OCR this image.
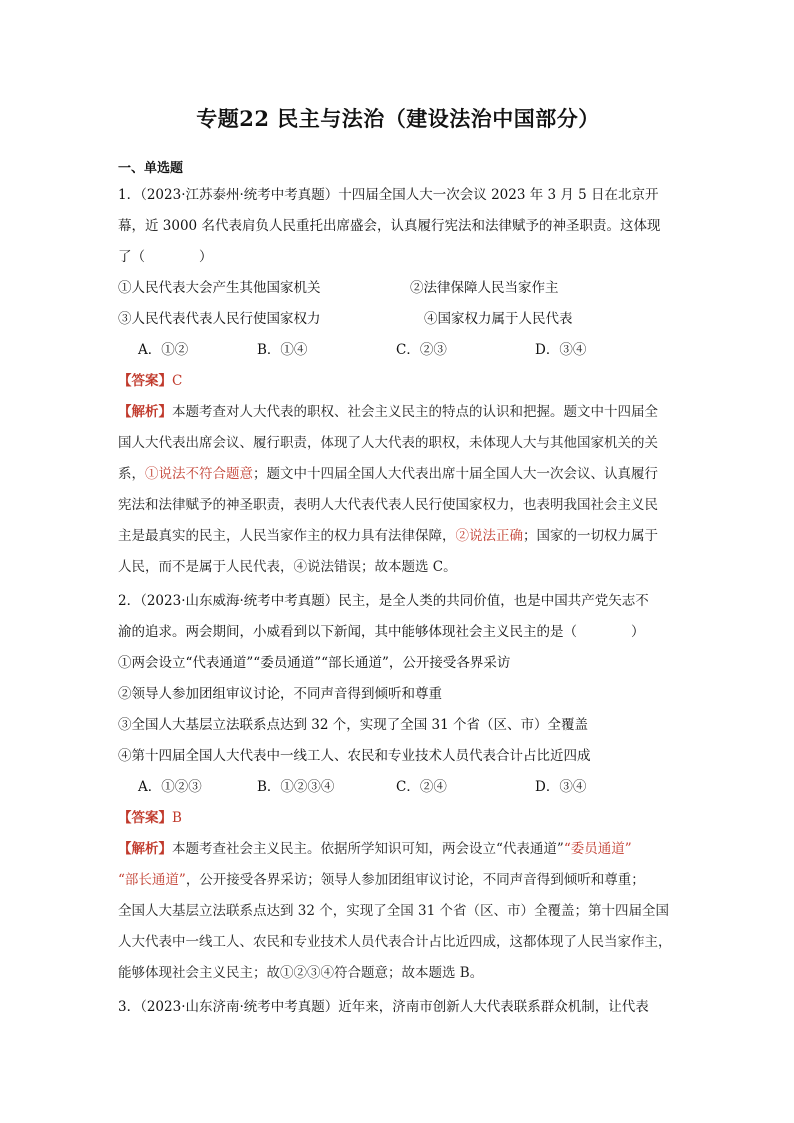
专题22 民主与法治（建设法治中国部分）
一、单选题
1．（2023·江苏泰州·统考中考真题）十四届全国人大一次会议 2023 年 3 月 5 日在北京开
幕，近 3000 名代表肩负人民重托出席盛会，认真履行宪法和法律赋予的神圣职责。这体现
了（　　　　）
①人民代表大会产生其他国家机关	②法律保障人民当家作主
③人民代表代表人民行使国家权力	④国家权力属于人民代表
A．①②	B．①④	C．②③	D．③④
【答案】C
【解析】本题考查对人大代表的职权、社会主义民主的特点的认识和把握。题文中十四届全
国人大代表出席会议、履行职责，体现了人大代表的职权，未体现人大与其他国家机关的关
系，①说法不符合题意；题文中十四届全国人大代表出席十届全国人大一次会议、认真履行
宪法和法律赋予的神圣职责，表明人大代表代表人民行使国家权力，也表明我国社会主义民
主是最真实的民主，人民当家作主的权力具有法律保障，②说法正确；国家的一切权力属于
人民，而不是属于人民代表，④说法错误；故本题选 C。
2．（2023·山东威海·统考中考真题）民主，是全人类的共同价值，也是中国共产党矢志不
渝的追求。两会期间，小威看到以下新闻，其中能够体现社会主义民主的是（　　　　）
①两会设立“代表通道”“委员通道”“部长通道”，公开接受各界采访
②领导人参加团组审议讨论，不同声音得到倾听和尊重
③全国人大基层立法联系点达到 32 个，实现了全国 31 个省（区、市）全覆盖
④第十四届全国人大代表中一线工人、农民和专业技术人员代表合计占比近四成
A．①②③	B．①②③④	C．②④	D．③④
【答案】B
【解析】本题考查社会主义民主。依据所学知识可知，两会设立“代表通道”“委员通道”
“部长通道”，公开接受各界采访；领导人参加团组审议讨论，不同声音得到倾听和尊重；
全国人大基层立法联系点达到 32 个，实现了全国 31 个省（区、市）全覆盖；第十四届全国
人大代表中一线工人、农民和专业技术人员代表合计占比近四成，这都体现了人民当家作主，
能够体现社会主义民主；故①②③④符合题意；故本题选 B。
3．（2023·山东济南·统考中考真题）近年来，济南市创新人大代表联系群众机制，让代表
